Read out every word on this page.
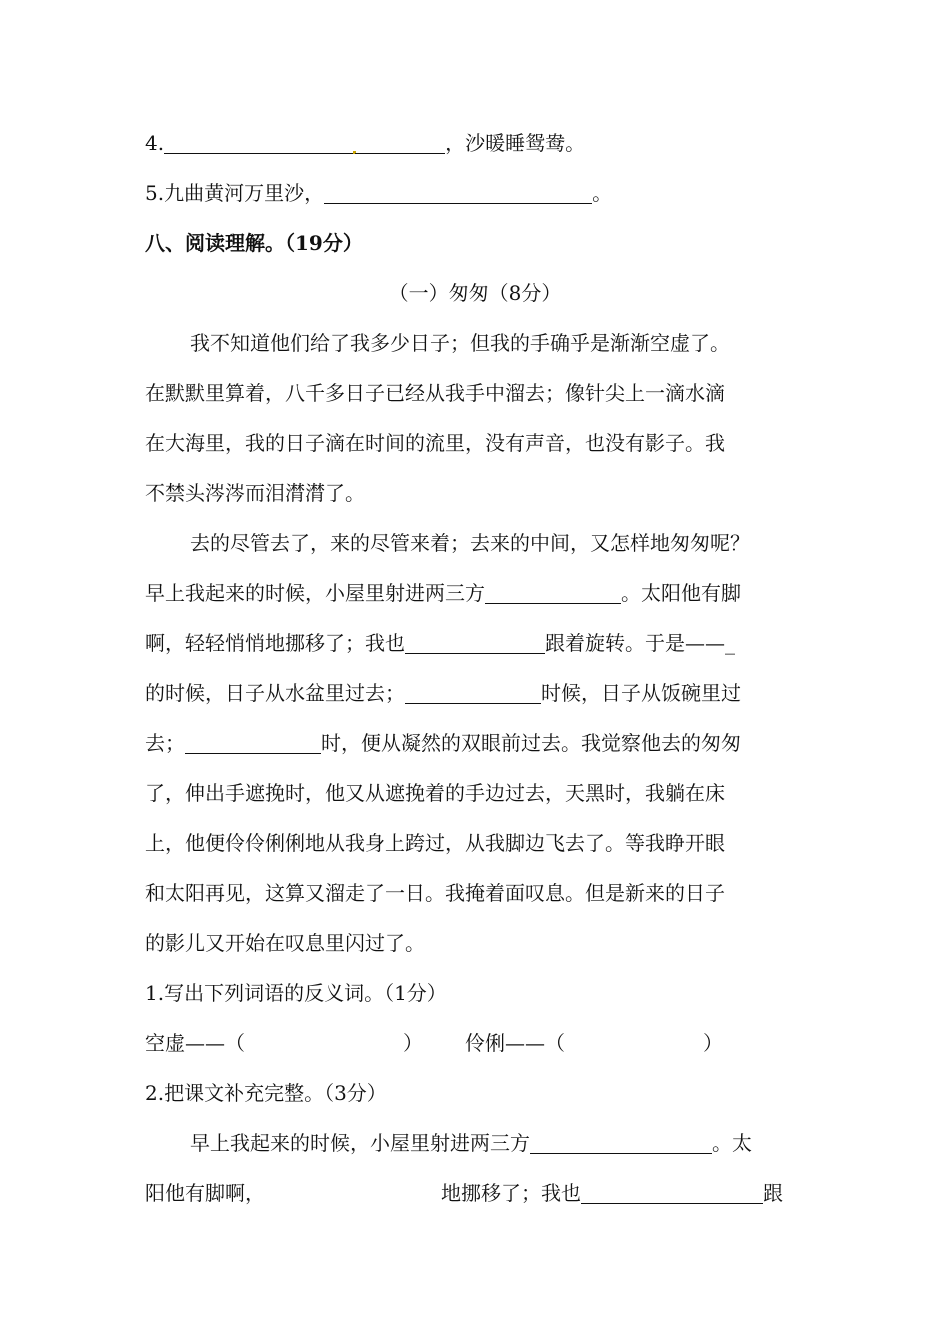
4.	，沙暖睡鸳鸯。
5.九曲黄河万里沙，	。
八、阅读理解。（19分）
（一）匆匆（8分）
我不知道他们给了我多少日子；但我的手确乎是渐渐空虚了。
在默默里算着，八千多日子已经从我手中溜去；像针尖上一滴水滴
在大海里，我的日子滴在时间的流里，没有声音，也没有影子。我
不禁头涔涔而泪潸潸了。
去的尽管去了，来的尽管来着；去来的中间，又怎样地匆匆呢？
早上我起来的时候，小屋里射进两三方	。太阳他有脚
啊，轻轻悄悄地挪移了；我也	跟着旋转。于是——_
的时候，日子从水盆里过去；	时候，日子从饭碗里过
去；	时，便从凝然的双眼前过去。我觉察他去的匆匆
了，伸出手遮挽时，他又从遮挽着的手边过去，天黑时，我躺在床
上，他便伶伶俐俐地从我身上跨过，从我脚边飞去了。等我睁开眼
和太阳再见，这算又溜走了一日。我掩着面叹息。但是新来的日子
的影儿又开始在叹息里闪过了。
1.写出下列词语的反义词。（1分）
空虚——（	） 伶俐——（	）
2.把课文补充完整。（3分）
早上我起来的时候，小屋里射进两三方	。太
阳他有脚啊，	地挪移了；我也	跟
